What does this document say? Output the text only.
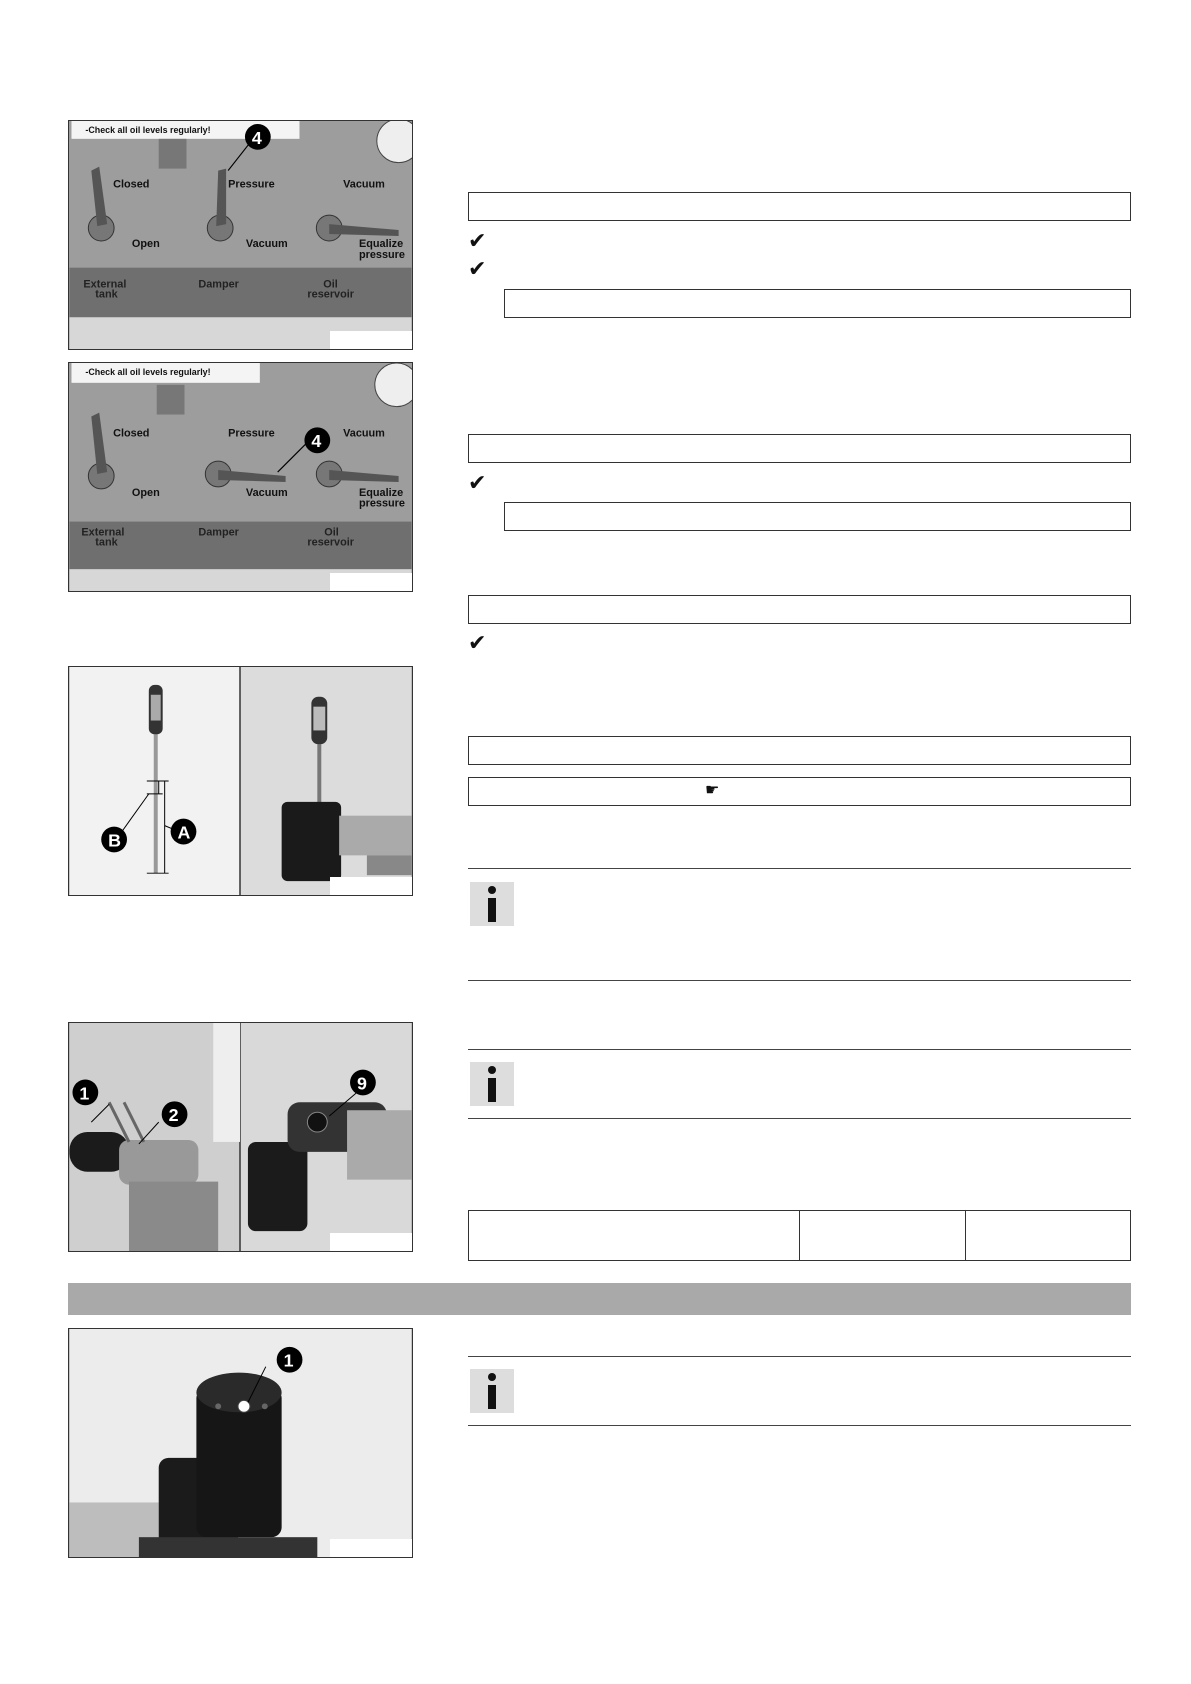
-Check all oil levels regularly!
Closed	Pressure	Vacuum
Open	Vacuum	Equalize
pressure
External
tank
Damper	Oil
reservoir
4
-Check all oil levels regularly!
Closed	Pressure	Vacuum
Open	Vacuum	Equalize
pressure
External
tank
Damper	Oil
reservoir
4
B	A
1
2
9
1
✔
✔
✔
✔
☛
